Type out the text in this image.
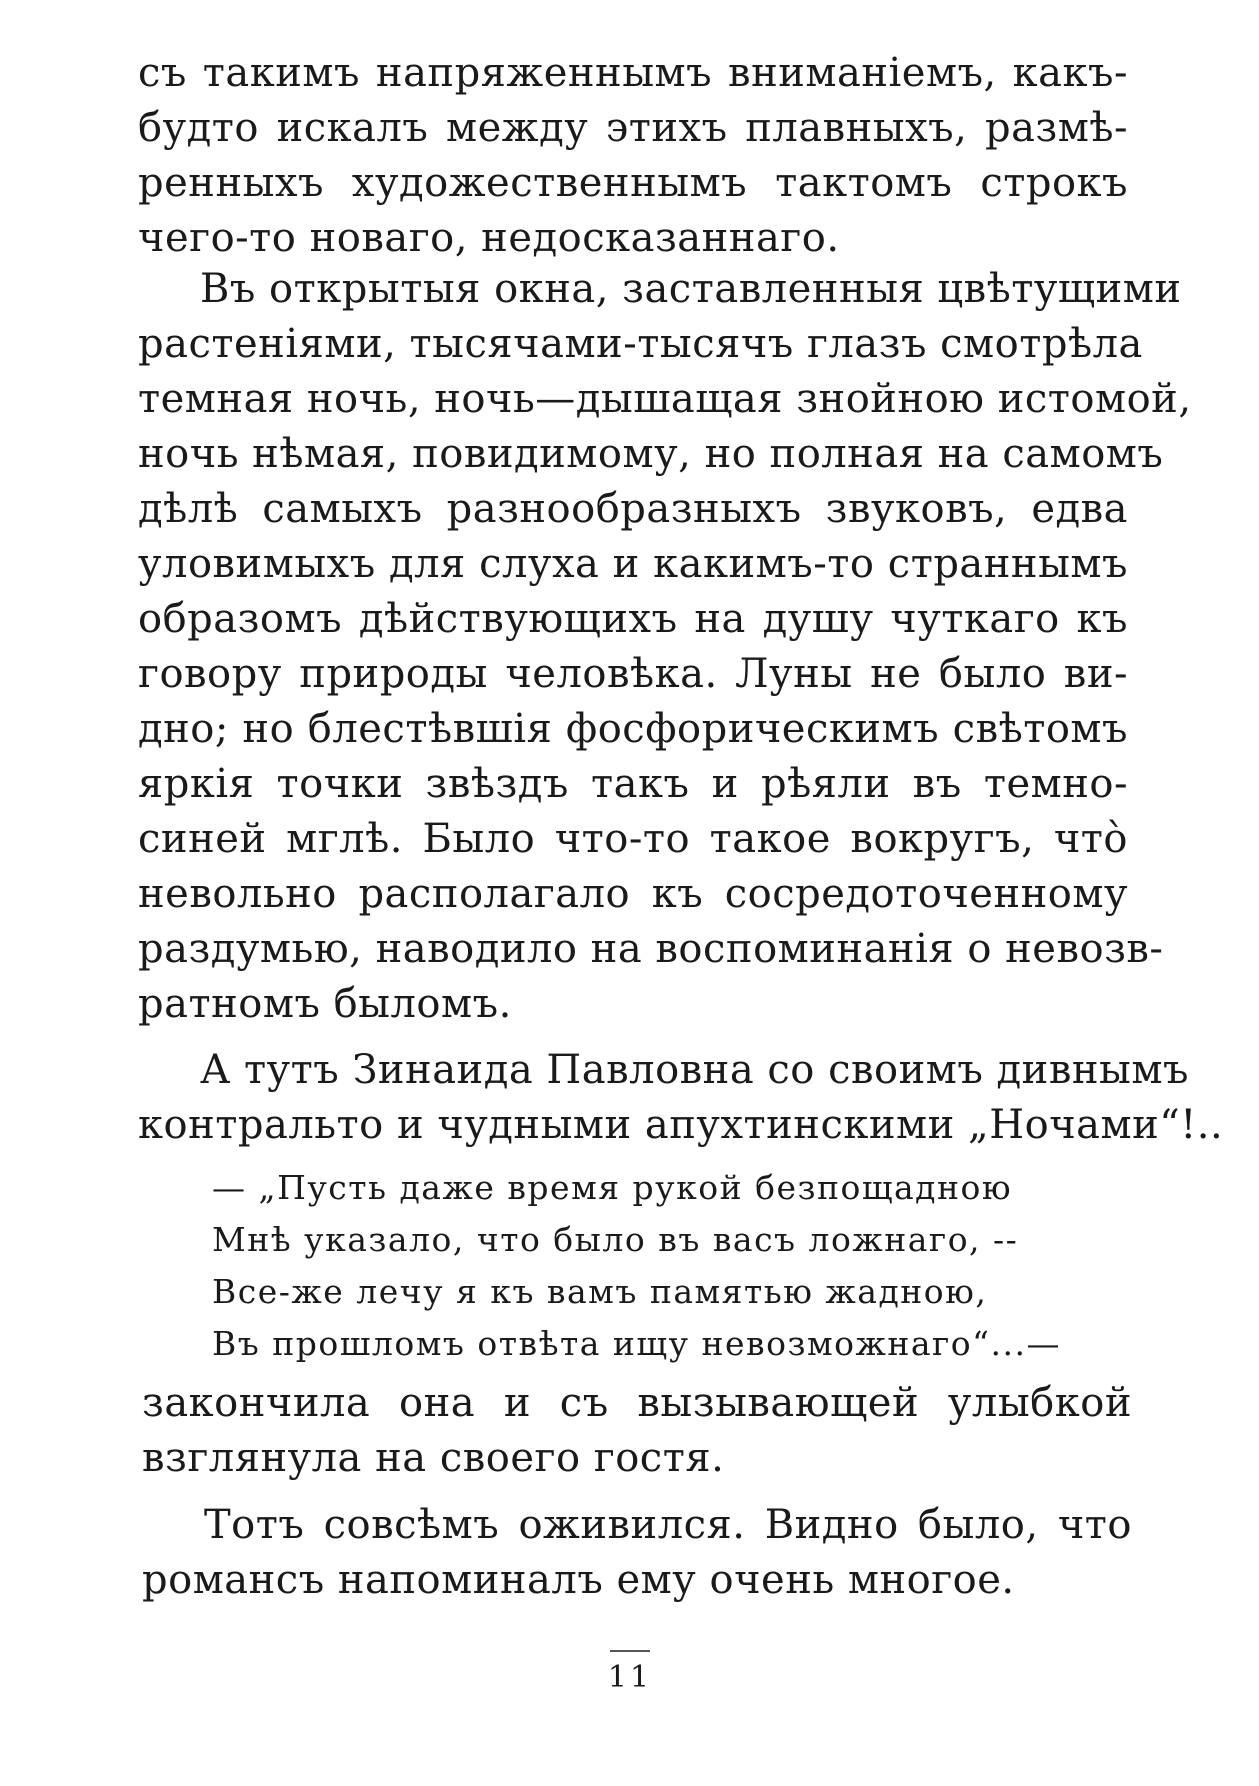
съ такимъ напряженнымъ вниманіемъ, какъ-
будто искалъ между этихъ плавныхъ, размѣ-
ренныхъ художественнымъ тактомъ строкъ
чего-то новаго, недосказаннаго.
Въ открытыя окна, заставленныя цвѣтущими
растеніями, тысячами-тысячъ глазъ смотрѣла
темная ночь, ночь—дышащая знойною истомой,
ночь нѣмая, повидимому, но полная на самомъ
дѣлѣ самыхъ разнообразныхъ звуковъ, едва
уловимыхъ для слуха и какимъ-то страннымъ
образомъ дѣйствующихъ на душу чуткаго къ
говору природы человѣка. Луны не было ви-
дно; но блестѣвшія фосфорическимъ свѣтомъ
яркія точки звѣздъ такъ и рѣяли въ темно-
синей мглѣ. Было что-то такое вокругъ, что̀
невольно располагало къ сосредоточенному
раздумью, наводило на воспоминанія о невозв-
ратномъ быломъ.
А тутъ Зинаида Павловна со своимъ дивнымъ
контральто и чудными апухтинскими „Ночами“!..
— „Пусть даже время рукой безпощадною
Мнѣ указало, что было въ васъ ложнаго, --
Все-же лечу я къ вамъ памятью жадною,
Въ прошломъ отвѣта ищу невозможнаго“...—
закончила она и съ вызывающей улыбкой
взглянула на своего гостя.
Тотъ совсѣмъ оживился. Видно было, что
романсъ напоминалъ ему очень многое.
11
